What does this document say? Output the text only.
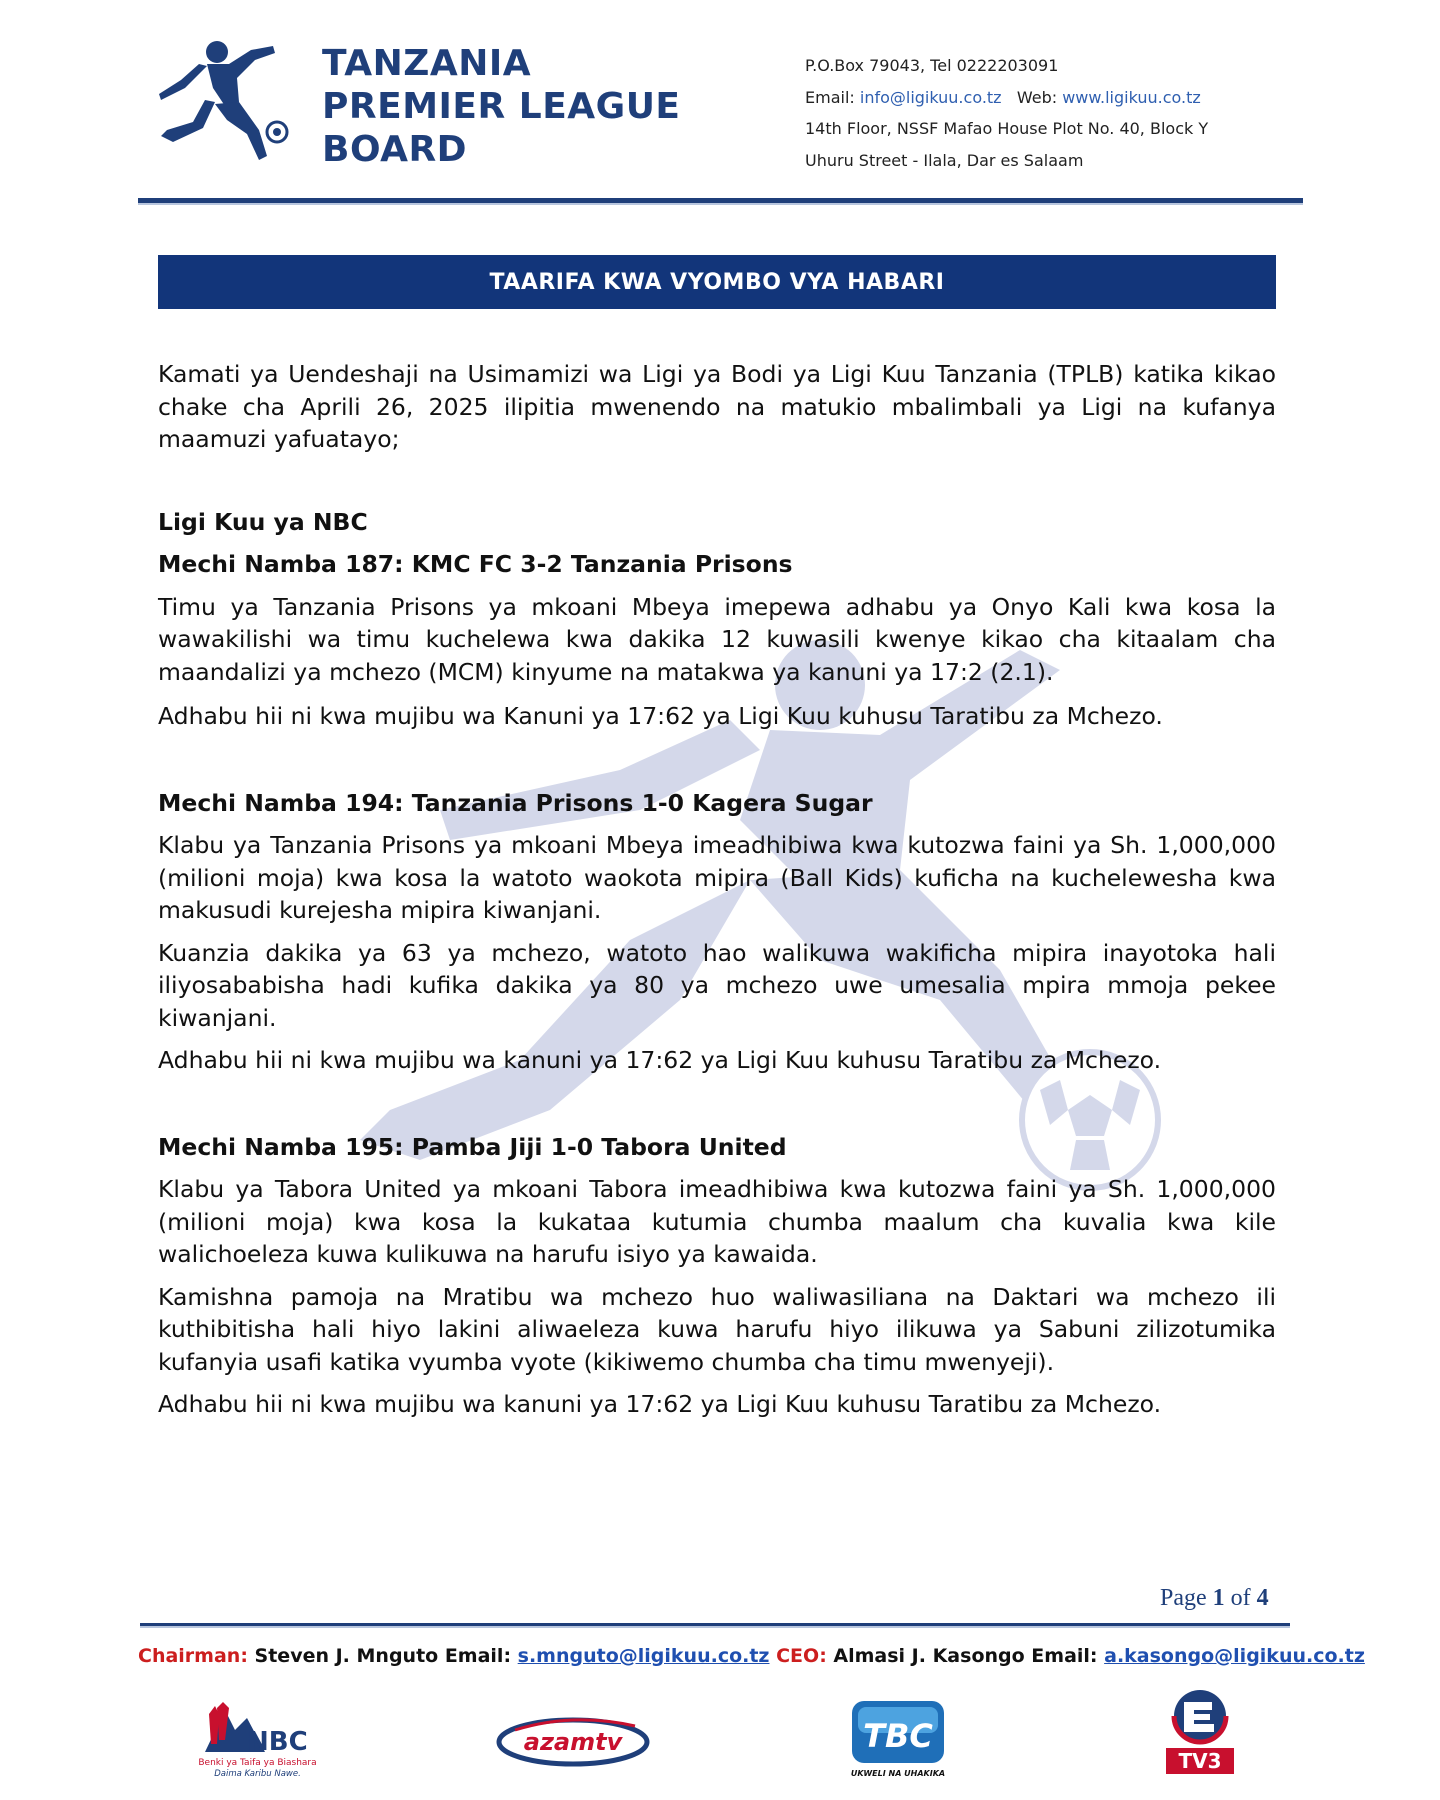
TANZANIA
PREMIER LEAGUE
BOARD
P.O.Box 79043, Tel 0222203091
Email: info@ligikuu.co.tz Web: www.ligikuu.co.tz
14th Floor, NSSF Mafao House Plot No. 40, Block Y
Uhuru Street - Ilala, Dar es Salaam
TAARIFA KWA VYOMBO VYA HABARI

Kamati ya Uendeshaji na Usimamizi wa Ligi ya Bodi ya Ligi Kuu Tanzania (TPLB) katika kikao chake cha Aprili 26, 2025 ilipitia mwenendo na matukio mbalimbali ya Ligi na kufanya maamuzi yafuatayo;

Ligi Kuu ya NBC

Mechi Namba 187: KMC FC 3-2 Tanzania Prisons

Timu ya Tanzania Prisons ya mkoani Mbeya imepewa adhabu ya Onyo Kali kwa kosa la wawakilishi wa timu kuchelewa kwa dakika 12 kuwasili kwenye kikao cha kitaalam cha maandalizi ya mchezo (MCM) kinyume na matakwa ya kanuni ya 17:2 (2.1).

Adhabu hii ni kwa mujibu wa Kanuni ya 17:62 ya Ligi Kuu kuhusu Taratibu za Mchezo.

Mechi Namba 194: Tanzania Prisons 1-0 Kagera Sugar

Klabu ya Tanzania Prisons ya mkoani Mbeya imeadhibiwa kwa kutozwa faini ya Sh. 1,000,000 (milioni moja) kwa kosa la watoto waokota mipira (Ball Kids) kuficha na kuchelewesha kwa makusudi kurejesha mipira kiwanjani.

Kuanzia dakika ya 63 ya mchezo, watoto hao walikuwa wakificha mipira inayotoka hali iliyosababisha hadi kufika dakika ya 80 ya mchezo uwe umesalia mpira mmoja pekee kiwanjani.

Adhabu hii ni kwa mujibu wa kanuni ya 17:62 ya Ligi Kuu kuhusu Taratibu za Mchezo.

Mechi Namba 195: Pamba Jiji 1-0 Tabora United

Klabu ya Tabora United ya mkoani Tabora imeadhibiwa kwa kutozwa faini ya Sh. 1,000,000 (milioni moja) kwa kosa la kukataa kutumia chumba maalum cha kuvalia kwa kile walichoeleza kuwa kulikuwa na harufu isiyo ya kawaida.

Kamishna pamoja na Mratibu wa mchezo huo waliwasiliana na Daktari wa mchezo ili kuthibitisha hali hiyo lakini aliwaeleza kuwa harufu hiyo ilikuwa ya Sabuni zilizotumika kufanyia usafi katika vyumba vyote (kikiwemo chumba cha timu mwenyeji).

Adhabu hii ni kwa mujibu wa kanuni ya 17:62 ya Ligi Kuu kuhusu Taratibu za Mchezo.

Page 1 of 4
Chairman: Steven J. Mnguto Email: s.mnguto@ligikuu.co.tz CEO: Almasi J. Kasongo Email: a.kasongo@ligikuu.co.tz
NBC
Benki ya Taifa ya Biashara
Daima Karibu Nawe.
azamtv	TBC
UKWELI NA UHAKIKA
TV3
